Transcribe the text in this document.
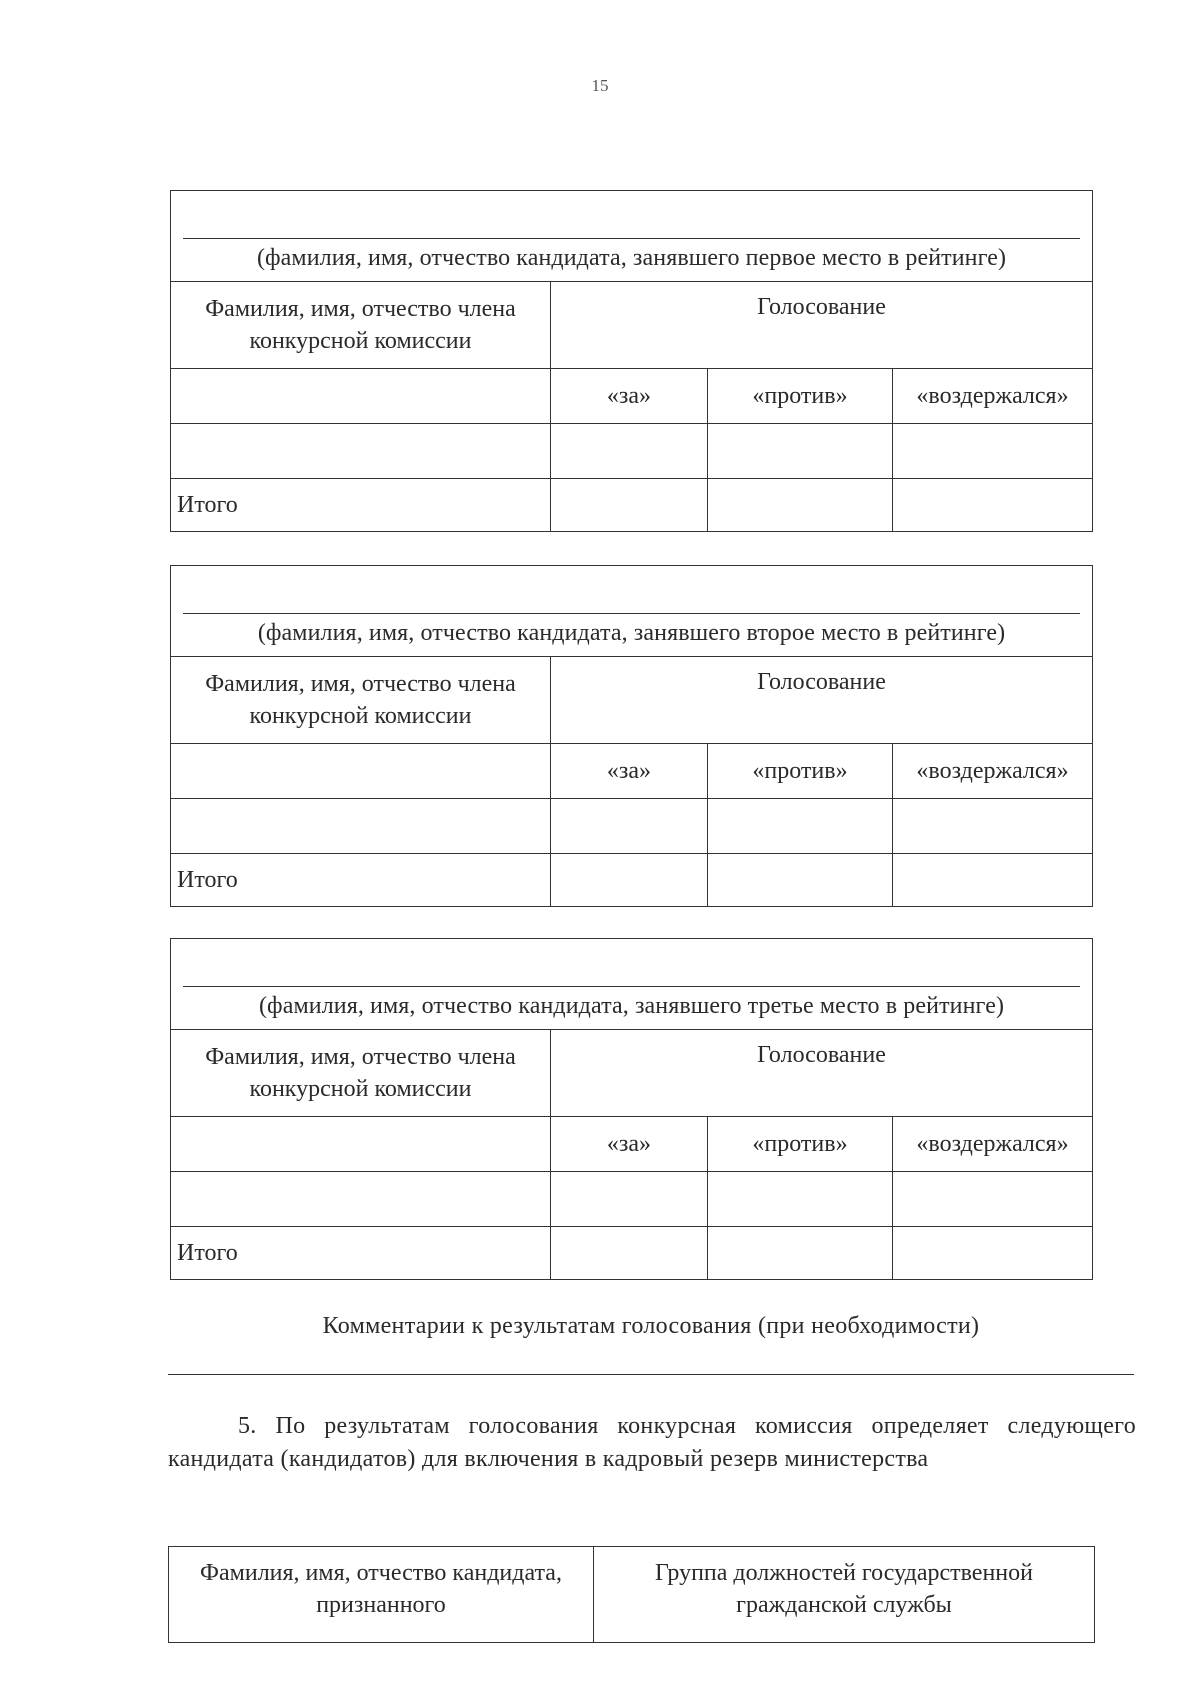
15
(фамилия, имя, отчество кандидата, занявшего первое место в рейтинге)			

Фамилия, имя, отчество члена конкурсной комиссии	Голосование		
	«за»	«против»	«воздержался»

Итого			
(фамилия, имя, отчество кандидата, занявшего второе место в рейтинге)			

Фамилия, имя, отчество члена конкурсной комиссии	Голосование		
	«за»	«против»	«воздержался»

Итого			
(фамилия, имя, отчество кандидата, занявшего третье место в рейтинге)			

Фамилия, имя, отчество члена конкурсной комиссии	Голосование		
	«за»	«против»	«воздержался»

Итого			
Комментарии к результатам голосования (при необходимости)
5. По результатам голосования конкурсная комиссия определяет следующего кандидата (кандидатов) для включения в кадровый резерв министерства
Фамилия, имя, отчество кандидата, признанного	Группа должностей государственной гражданской службы
